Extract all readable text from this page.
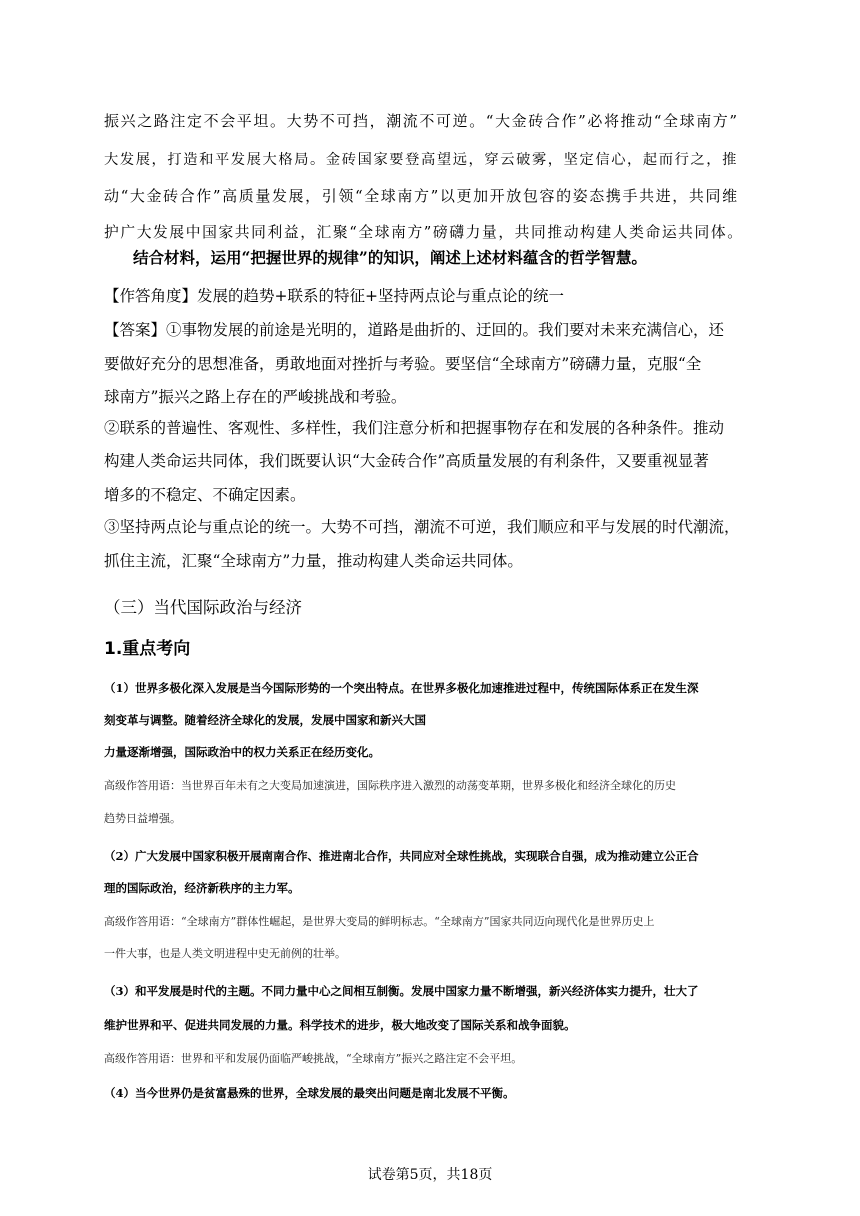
振兴之路注定不会平坦。大势不可挡，潮流不可逆。“大金砖合作”必将推动“全球南方”
大发展，打造和平发展大格局。金砖国家要登高望远，穿云破雾，坚定信心，起而行之，推
动“大金砖合作”高质量发展，引领“全球南方”以更加开放包容的姿态携手共进，共同维
护广大发展中国家共同利益，汇聚“全球南方”磅礴力量，共同推动构建人类命运共同体。
结合材料，运用“把握世界的规律”的知识，阐述上述材料蕴含的哲学智慧。
【作答角度】发展的趋势+联系的特征+坚持两点论与重点论的统一
【答案】①事物发展的前途是光明的，道路是曲折的、迂回的。我们要对未来充满信心，还
要做好充分的思想准备，勇敢地面对挫折与考验。要坚信“全球南方”磅礴力量，克服“全
球南方”振兴之路上存在的严峻挑战和考验。
②联系的普遍性、客观性、多样性，我们注意分析和把握事物存在和发展的各种条件。推动
构建人类命运共同体，我们既要认识“大金砖合作”高质量发展的有利条件，又要重视显著
增多的不稳定、不确定因素。
③坚持两点论与重点论的统一。大势不可挡，潮流不可逆，我们顺应和平与发展的时代潮流，
抓住主流，汇聚“全球南方”力量，推动构建人类命运共同体。
（三）当代国际政治与经济
1.重点考向
（1）世界多极化深入发展是当今国际形势的一个突出特点。在世界多极化加速推进过程中，传统国际体系正在发生深
刻变革与调整。随着经济全球化的发展，发展中国家和新兴大国
力量逐渐增强，国际政治中的权力关系正在经历变化。
高级作答用语：当世界百年未有之大变局加速演进，国际秩序进入激烈的动荡变革期，世界多极化和经济全球化的历史
趋势日益增强。
（2）广大发展中国家积极开展南南合作、推进南北合作，共同应对全球性挑战，实现联合自强，成为推动建立公正合
理的国际政治，经济新秩序的主力军。
高级作答用语：“全球南方”群体性崛起，是世界大变局的鲜明标志。“全球南方”国家共同迈向现代化是世界历史上
一件大事，也是人类文明进程中史无前例的壮举。
（3）和平发展是时代的主题。不同力量中心之间相互制衡。发展中国家力量不断增强，新兴经济体实力提升，壮大了
维护世界和平、促进共同发展的力量。科学技术的进步，极大地改变了国际关系和战争面貌。
高级作答用语：世界和平和发展仍面临严峻挑战，“全球南方”振兴之路注定不会平坦。
（4）当今世界仍是贫富悬殊的世界，全球发展的最突出问题是南北发展不平衡。
试卷第5页，共18页
